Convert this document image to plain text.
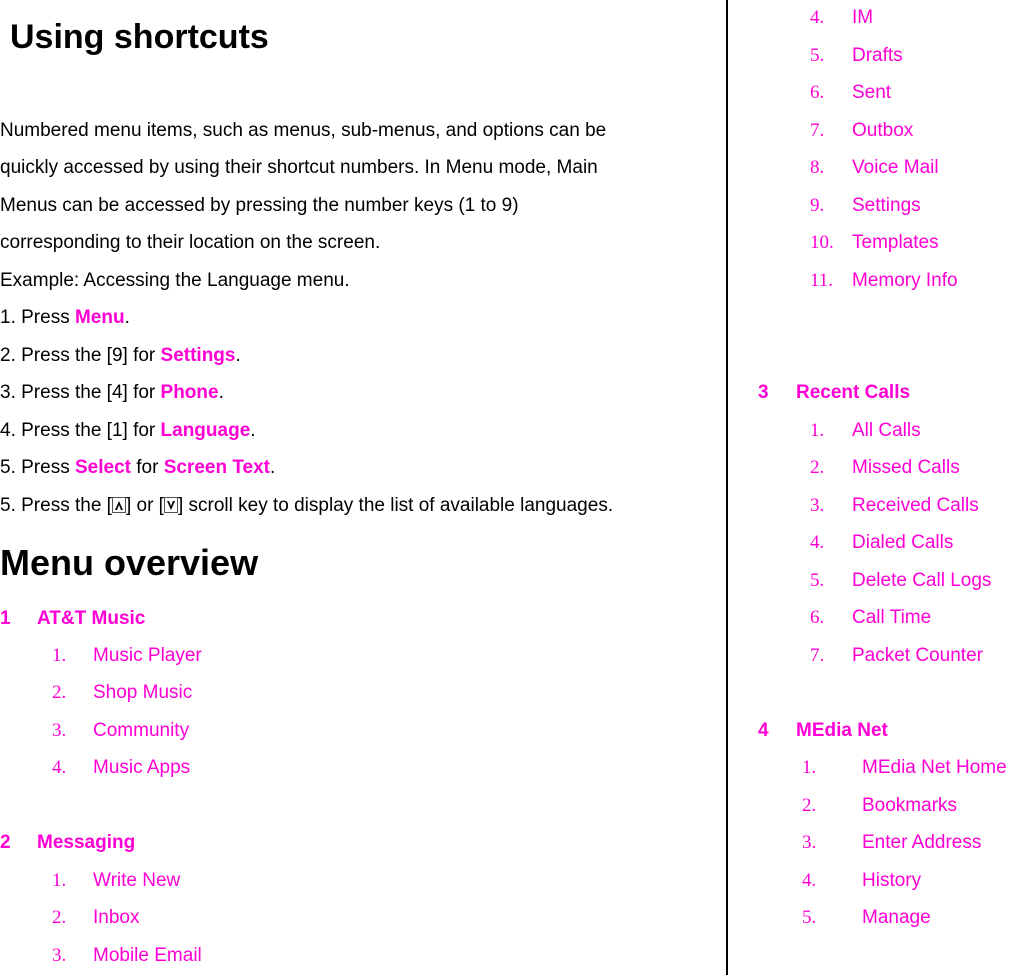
Using shortcuts
Numbered menu items, such as menus, sub-menus, and options can be
quickly accessed by using their shortcut numbers. In Menu mode, Main
Menus can be accessed by pressing the number keys (1 to 9)
corresponding to their location on the screen.
Example: Accessing the Language menu.
1. Press Menu.
2. Press the [9] for Settings.
3. Press the [4] for Phone.
4. Press the [1] for Language.
5. Press Select for Screen Text.
5. Press the [ ] or [ ] scroll key to display the list of available languages.
Menu overview
1 AT&T Music
1. Music Player
2. Shop Music
3. Community
4. Music Apps
2 Messaging
1. Write New
2. Inbox
3. Mobile Email
4. IM
5. Drafts
6. Sent
7. Outbox
8. Voice Mail
9. Settings
10. Templates
11. Memory Info
3 Recent Calls
1. All Calls
2. Missed Calls
3. Received Calls
4. Dialed Calls
5. Delete Call Logs
6. Call Time
7. Packet Counter
4 MEdia Net
1. MEdia Net Home
2. Bookmarks
3. Enter Address
4. History
5. Manage
